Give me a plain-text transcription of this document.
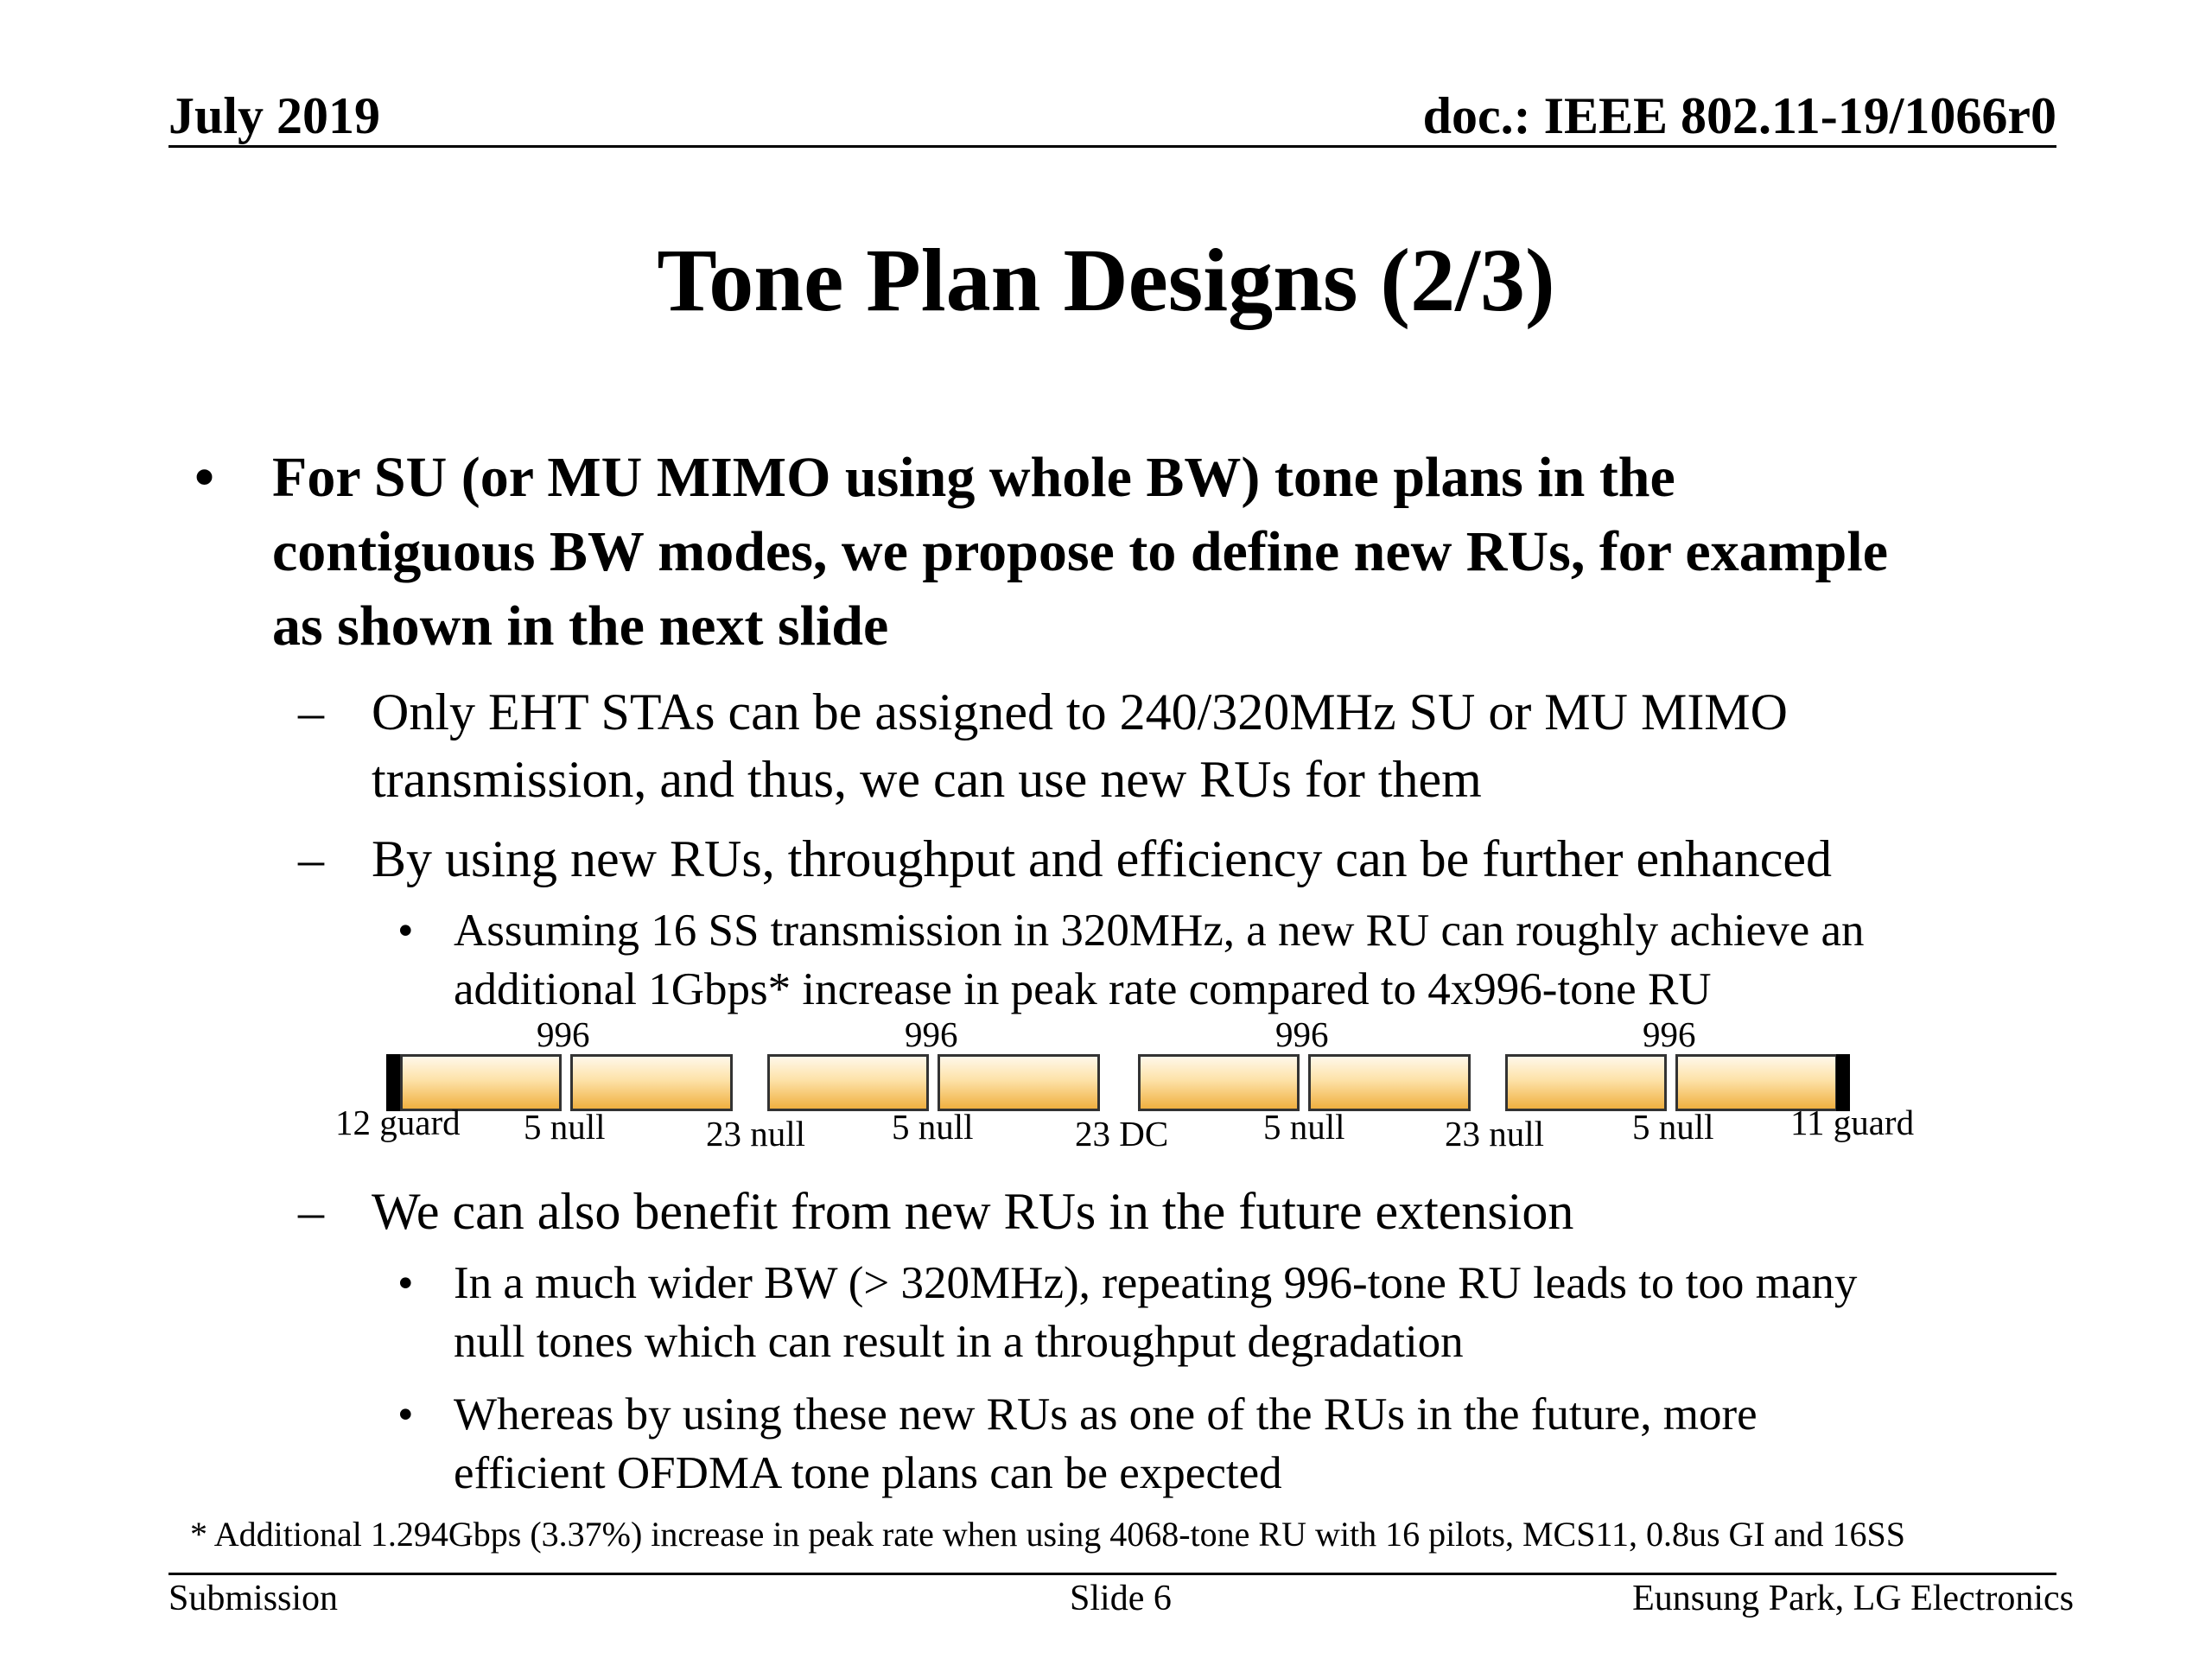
July 2019	doc.: IEEE 802.11-19/1066r0
Tone Plan Designs (2/3)
• For SU (or MU MIMO using whole BW) tone plans in the
contiguous BW modes, we propose to define new RUs, for example
as shown in the next slide
– Only EHT STAs can be assigned to 240/320MHz SU or MU MIMO
transmission, and thus, we can use new RUs for them
– By using new RUs, throughput and efficiency can be further enhanced
• Assuming 16 SS transmission in 320MHz, a new RU can roughly achieve an
additional 1Gbps* increase in peak rate compared to 4x996-tone RU
996	996	996	996
12 guard 5 null	23 null 5 null	23 DC	5 null	23 null 5 null 11 guard
– We can also benefit from new RUs in the future extension
• In a much wider BW (> 320MHz), repeating 996-tone RU leads to too many
null tones which can result in a throughput degradation
• Whereas by using these new RUs as one of the RUs in the future, more
efficient OFDMA tone plans can be expected
* Additional 1.294Gbps (3.37%) increase in peak rate when using 4068-tone RU with 16 pilots, MCS11, 0.8us GI and 16SS
Submission	Slide 6	Eunsung Park, LG Electronics
